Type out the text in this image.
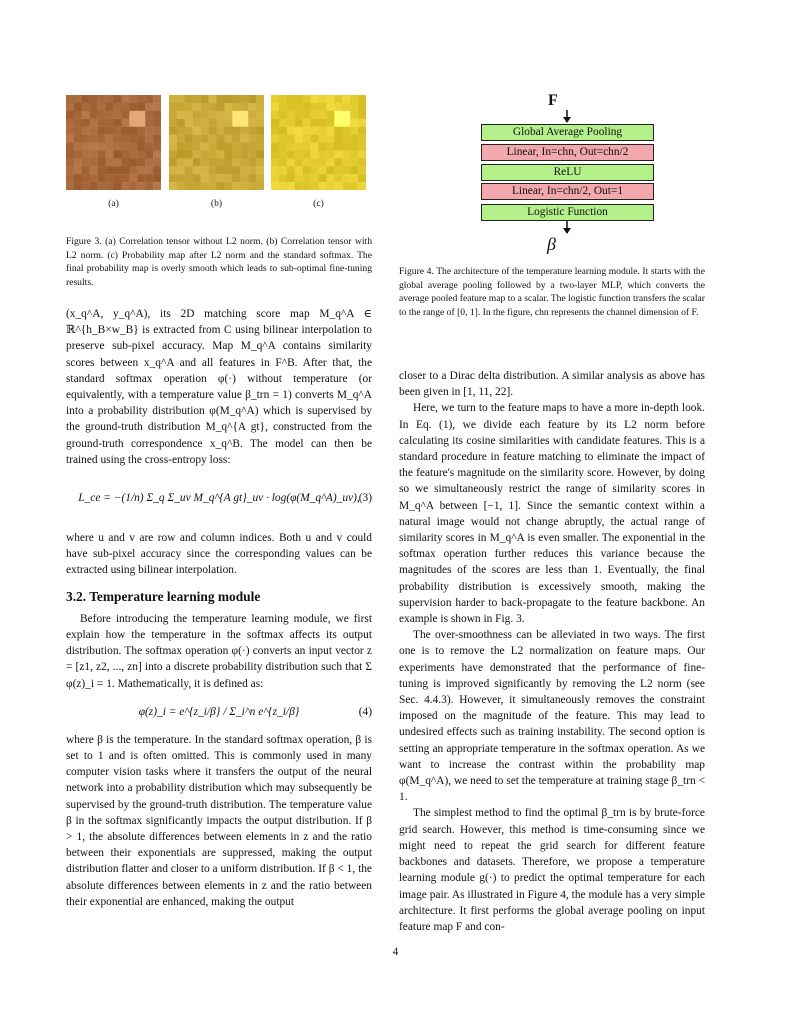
(a)	(b)	(c)
Figure 3. (a) Correlation tensor without L2 norm. (b) Correlation tensor with L2 norm. (c) Probability map after L2 norm and the standard softmax. The final probability map is overly smooth which leads to sub-optimal fine-tuning results.
F
Global Average Pooling
Linear, In=chn, Out=chn/2
ReLU
Linear, In=chn/2, Out=1
Logistic Function
β
Figure 4. The architecture of the temperature learning module. It starts with the global average pooling followed by a two-layer MLP, which converts the average pooled feature map to a scalar. The logistic function transfers the scalar to the range of [0, 1]. In the figure, chn represents the channel dimension of F.

(x_q^A, y_q^A), its 2D matching score map M_q^A ∈ ℝ^{h_B×w_B} is extracted from C using bilinear interpolation to preserve sub-pixel accuracy. Map M_q^A contains similarity scores between x_q^A and all features in F^B. After that, the standard softmax operation φ(·) without temperature (or equivalently, with a temperature value β_trn = 1) converts M_q^A into a probability distribution φ(M_q^A) which is supervised by the ground-truth distribution M_q^{A gt}, constructed from the ground-truth correspondence x_q^B. The model can then be trained using the cross-entropy loss:

L_ce = −(1/n) Σ_q Σ_uv M_q^{A gt}_uv · log(φ(M_q^A)_uv),
(3)

where u and v are row and column indices. Both u and v could have sub-pixel accuracy since the corresponding values can be extracted using bilinear interpolation.

3.2. Temperature learning module

Before introducing the temperature learning module, we first explain how the temperature in the softmax affects its output distribution. The softmax operation φ(·) converts an input vector z = [z1, z2, ..., zn] into a discrete probability distribution such that Σ φ(z)_i = 1. Mathematically, it is defined as:

φ(z)_i = e^{z_i/β} / Σ_i^n e^{z_i/β}	(4)

where β is the temperature. In the standard softmax operation, β is set to 1 and is often omitted. This is commonly used in many computer vision tasks where it transfers the output of the neural network into a probability distribution which may subsequently be supervised by the ground-truth distribution. The temperature value β in the softmax significantly impacts the output distribution. If β > 1, the absolute differences between elements in z and the ratio between their exponentials are suppressed, making the output distribution flatter and closer to a uniform distribution. If β < 1, the absolute differences between elements in z and the ratio between their exponential are enhanced, making the output

closer to a Dirac delta distribution. A similar analysis as above has been given in [1, 11, 22].

Here, we turn to the feature maps to have a more in-depth look. In Eq. (1), we divide each feature by its L2 norm before calculating its cosine similarities with candidate features. This is a standard procedure in feature matching to eliminate the impact of the feature's magnitude on the similarity score. However, by doing so we simultaneously restrict the range of similarity scores in M_q^A between [−1, 1]. Since the semantic context within a natural image would not change abruptly, the actual range of similarity scores in M_q^A is even smaller. The exponential in the softmax operation further reduces this variance because the magnitudes of the scores are less than 1. Eventually, the final probability distribution is excessively smooth, making the supervision harder to back-propagate to the feature backbone. An example is shown in Fig. 3.

The over-smoothness can be alleviated in two ways. The first one is to remove the L2 normalization on feature maps. Our experiments have demonstrated that the performance of fine-tuning is improved significantly by removing the L2 norm (see Sec. 4.4.3). However, it simultaneously removes the constraint imposed on the magnitude of the feature. This may lead to undesired effects such as training instability. The second option is setting an appropriate temperature in the softmax operation. As we want to increase the contrast within the probability map φ(M_q^A), we need to set the temperature at training stage β_trn < 1.

The simplest method to find the optimal β_trn is by brute-force grid search. However, this method is time-consuming since we might need to repeat the grid search for different feature backbones and datasets. Therefore, we propose a temperature learning module g(·) to predict the optimal temperature for each image pair. As illustrated in Figure 4, the module has a very simple architecture. It first performs the global average pooling on input feature map F and con-

4
